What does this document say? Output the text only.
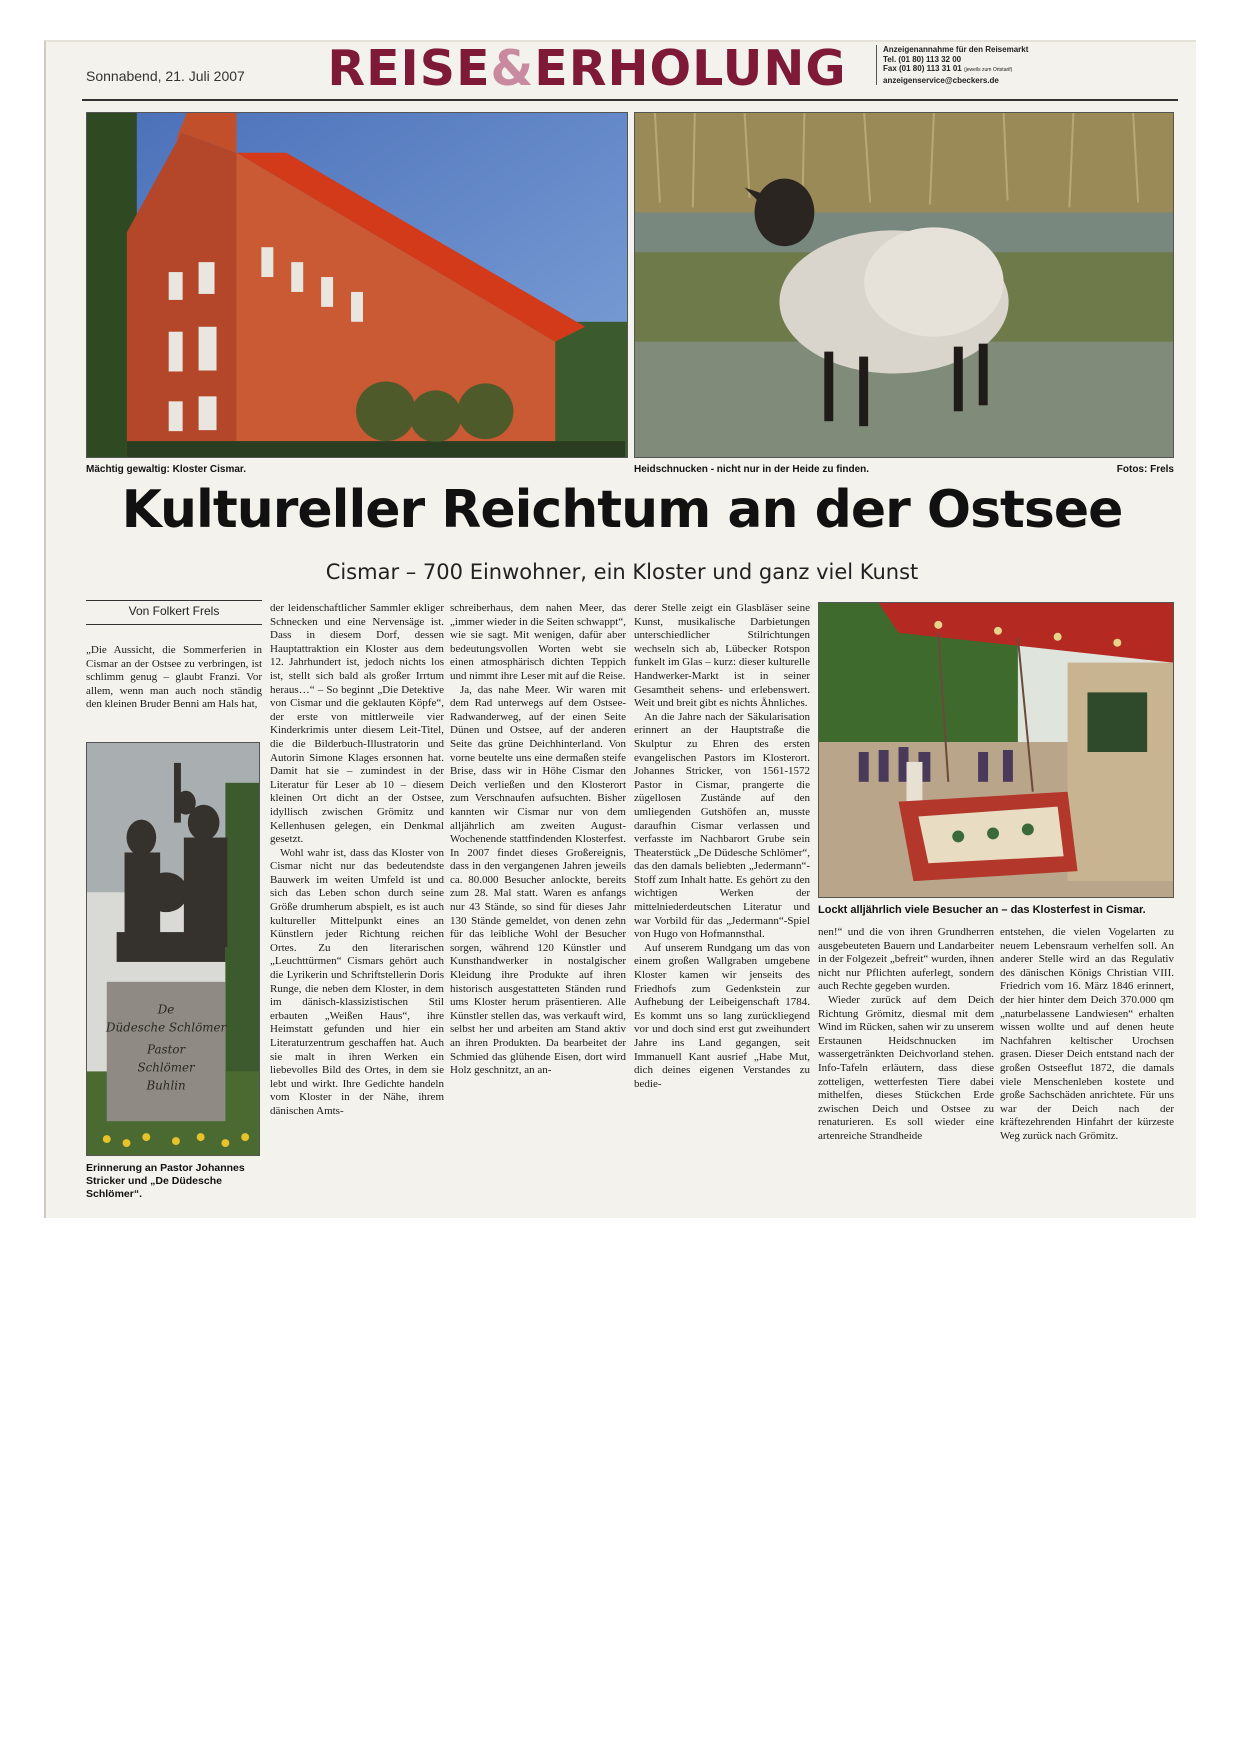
Sonnabend, 21. Juli 2007	REISE&ERHOLUNG	Anzeigenannahme für den Reisemarkt
Tel. (01 80) 113 32 00
Fax (01 80) 113 31 01 (jeweils zum Ortstarif)
anzeigenservice@cbeckers.de
Mächtig gewaltig: Kloster Cismar.	Heidschnucken - nicht nur in der Heide zu finden.	Fotos: Frels
Kultureller Reichtum an der Ostsee
Cismar – 700 Einwohner, ein Kloster und ganz viel Kunst
Von Folkert Frels

„Die Aussicht, die Sommerferien in Cismar an der Ostsee zu verbringen, ist schlimm genug – glaubt Franzi. Vor allem, wenn man auch noch ständig den kleinen Bruder Benni am Hals hat,

der leidenschaftlicher Sammler ekliger Schnecken und eine Nervensäge ist. Dass in diesem Dorf, dessen Hauptattraktion ein Kloster aus dem 12. Jahrhundert ist, jedoch nichts los ist, stellt sich bald als großer Irrtum heraus…“ – So beginnt „Die Detektive von Cismar und die geklauten Köpfe“, der erste von mittlerweile vier Kinderkrimis unter diesem Leit-Titel, die die Bilderbuch-Illustratorin und Autorin Simone Klages ersonnen hat. Damit hat sie – zumindest in der Literatur für Leser ab 10 – diesem kleinen Ort dicht an der Ostsee, idyllisch zwischen Grömitz und Kellenhusen gelegen, ein Denkmal gesetzt.

Wohl wahr ist, dass das Kloster von Cismar nicht nur das bedeutendste Bauwerk im weiten Umfeld ist und sich das Leben schon durch seine Größe drumherum abspielt, es ist auch kultureller Mittelpunkt eines an Künstlern jeder Richtung reichen Ortes. Zu den literarischen „Leuchttürmen“ Cismars gehört auch die Lyrikerin und Schriftstellerin Doris Runge, die neben dem Kloster, in dem im dänisch-klassizistischen Stil erbauten „Weißen Haus“, ihre Heimstatt gefunden und hier ein Literaturzentrum geschaffen hat. Auch sie malt in ihren Werken ein liebevolles Bild des Ortes, in dem sie lebt und wirkt. Ihre Gedichte handeln vom Kloster in der Nähe, ihrem dänischen Amts-

schreiberhaus, dem nahen Meer, das „immer wieder in die Seiten schwappt“, wie sie sagt. Mit wenigen, dafür aber bedeutungsvollen Worten webt sie einen atmosphärisch dichten Teppich und nimmt ihre Leser mit auf die Reise.

Ja, das nahe Meer. Wir waren mit dem Rad unterwegs auf dem Ostsee-Radwanderweg, auf der einen Seite Dünen und Ostsee, auf der anderen Seite das grüne Deichhinterland. Von vorne beutelte uns eine dermaßen steife Brise, dass wir in Höhe Cismar den Deich verließen und den Klosterort zum Verschnaufen aufsuchten. Bisher kannten wir Cismar nur von dem alljährlich am zweiten August-Wochenende stattfindenden Klosterfest. In 2007 findet dieses Großereignis, dass in den vergangenen Jahren jeweils ca. 80.000 Besucher anlockte, bereits zum 28. Mal statt. Waren es anfangs nur 43 Stände, so sind für dieses Jahr 130 Stände gemeldet, von denen zehn für das leibliche Wohl der Besucher sorgen, während 120 Künstler und Kunsthandwerker in nostalgischer Kleidung ihre Produkte auf ihren historisch ausgestatteten Ständen rund ums Kloster herum präsentieren. Alle Künstler stellen das, was verkauft wird, selbst her und arbeiten am Stand aktiv an ihren Produkten. Da bearbeitet der Schmied das glühende Eisen, dort wird Holz geschnitzt, an an-

derer Stelle zeigt ein Glasbläser seine Kunst, musikalische Darbietungen unterschiedlicher Stilrichtungen wechseln sich ab, Lübecker Rotspon funkelt im Glas – kurz: dieser kulturelle Handwerker-Markt ist in seiner Gesamtheit sehens- und erlebenswert. Weit und breit gibt es nichts Ähnliches.

An die Jahre nach der Säkularisation erinnert an der Hauptstraße die Skulptur zu Ehren des ersten evangelischen Pastors im Klosterort. Johannes Stricker, von 1561-1572 Pastor in Cismar, prangerte die zügellosen Zustände auf den umliegenden Gutshöfen an, musste daraufhin Cismar verlassen und verfasste im Nachbarort Grube sein Theaterstück „De Düdesche Schlömer“, das den damals beliebten „Jedermann“-Stoff zum Inhalt hatte. Es gehört zu den wichtigen Werken der mittelniederdeutschen Literatur und war Vorbild für das „Jedermann“-Spiel von Hugo von Hofmannsthal.

Auf unserem Rundgang um das von einem großen Wallgraben umgebene Kloster kamen wir jenseits des Friedhofs zum Gedenkstein zur Aufhebung der Leibeigenschaft 1784. Es kommt uns so lang zurückliegend vor und doch sind erst gut zweihundert Jahre ins Land gegangen, seit Immanuell Kant ausrief „Habe Mut, dich deines eigenen Verstandes zu bedie-

De
Düdesche Schlömer
Pastor
Schlömer
Buhlin
Erinnerung an Pastor Johannes Stricker und „De Düdesche Schlömer“.
Lockt alljährlich viele Besucher an – das Klosterfest in Cismar.

nen!“ und die von ihren Grundherren ausgebeuteten Bauern und Landarbeiter in der Folgezeit „befreit“ wurden, ihnen nicht nur Pflichten auferlegt, sondern auch Rechte gegeben wurden.

Wieder zurück auf dem Deich Richtung Grömitz, diesmal mit dem Wind im Rücken, sahen wir zu unserem Erstaunen Heidschnucken im wassergetränkten Deichvorland stehen. Info-Tafeln erläutern, dass diese zotteligen, wetterfesten Tiere dabei mithelfen, dieses Stückchen Erde zwischen Deich und Ostsee zu renaturieren. Es soll wieder eine artenreiche Strandheide

entstehen, die vielen Vogelarten zu neuem Lebensraum verhelfen soll. An anderer Stelle wird an das Regulativ des dänischen Königs Christian VIII. Friedrich vom 16. März 1846 erinnert, der hier hinter dem Deich 370.000 qm „naturbelassene Landwiesen“ erhalten wissen wollte und auf denen heute Nachfahren keltischer Urochsen grasen. Dieser Deich entstand nach der großen Ostseeflut 1872, die damals viele Menschenleben kostete und große Sachschäden anrichtete. Für uns war der Deich nach der kräftezehrenden Hinfahrt der kürzeste Weg zurück nach Grömitz.
